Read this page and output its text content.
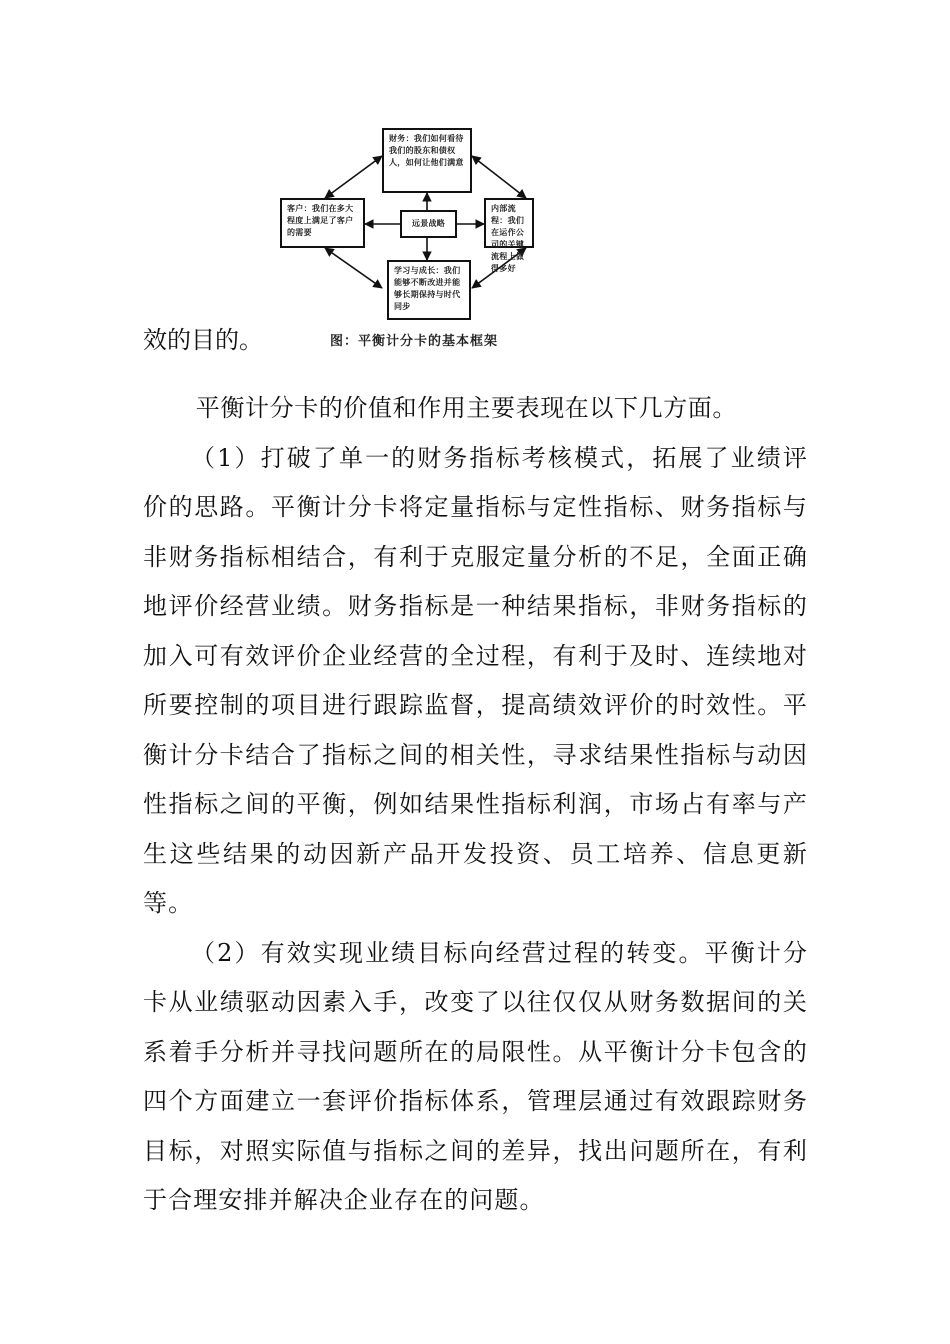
财务：我们如何看待我们的股东和债权人，如何让他们满意
客户：我们在多大程度上满足了客户的需要
远景战略
内部流程：我们在运作公司的关键流程上做得多好
学习与成长：我们能够不断改进并能够长期保持与时代同步
效的目的。	图：平衡计分卡的基本框架

平衡计分卡的价值和作用主要表现在以下几方面。

（1）打破了单一的财务指标考核模式，拓展了业绩评价的思路。平衡计分卡将定量指标与定性指标、财务指标与非财务指标相结合，有利于克服定量分析的不足，全面正确地评价经营业绩。财务指标是一种结果指标，非财务指标的加入可有效评价企业经营的全过程，有利于及时、连续地对所要控制的项目进行跟踪监督，提高绩效评价的时效性。平衡计分卡结合了指标之间的相关性，寻求结果性指标与动因性指标之间的平衡，例如结果性指标利润，市场占有率与产生这些结果的动因新产品开发投资、员工培养、信息更新等。

（2）有效实现业绩目标向经营过程的转变。平衡计分卡从业绩驱动因素入手，改变了以往仅仅从财务数据间的关系着手分析并寻找问题所在的局限性。从平衡计分卡包含的四个方面建立一套评价指标体系，管理层通过有效跟踪财务目标，对照实际值与指标之间的差异，找出问题所在，有利于合理安排并解决企业存在的问题。
